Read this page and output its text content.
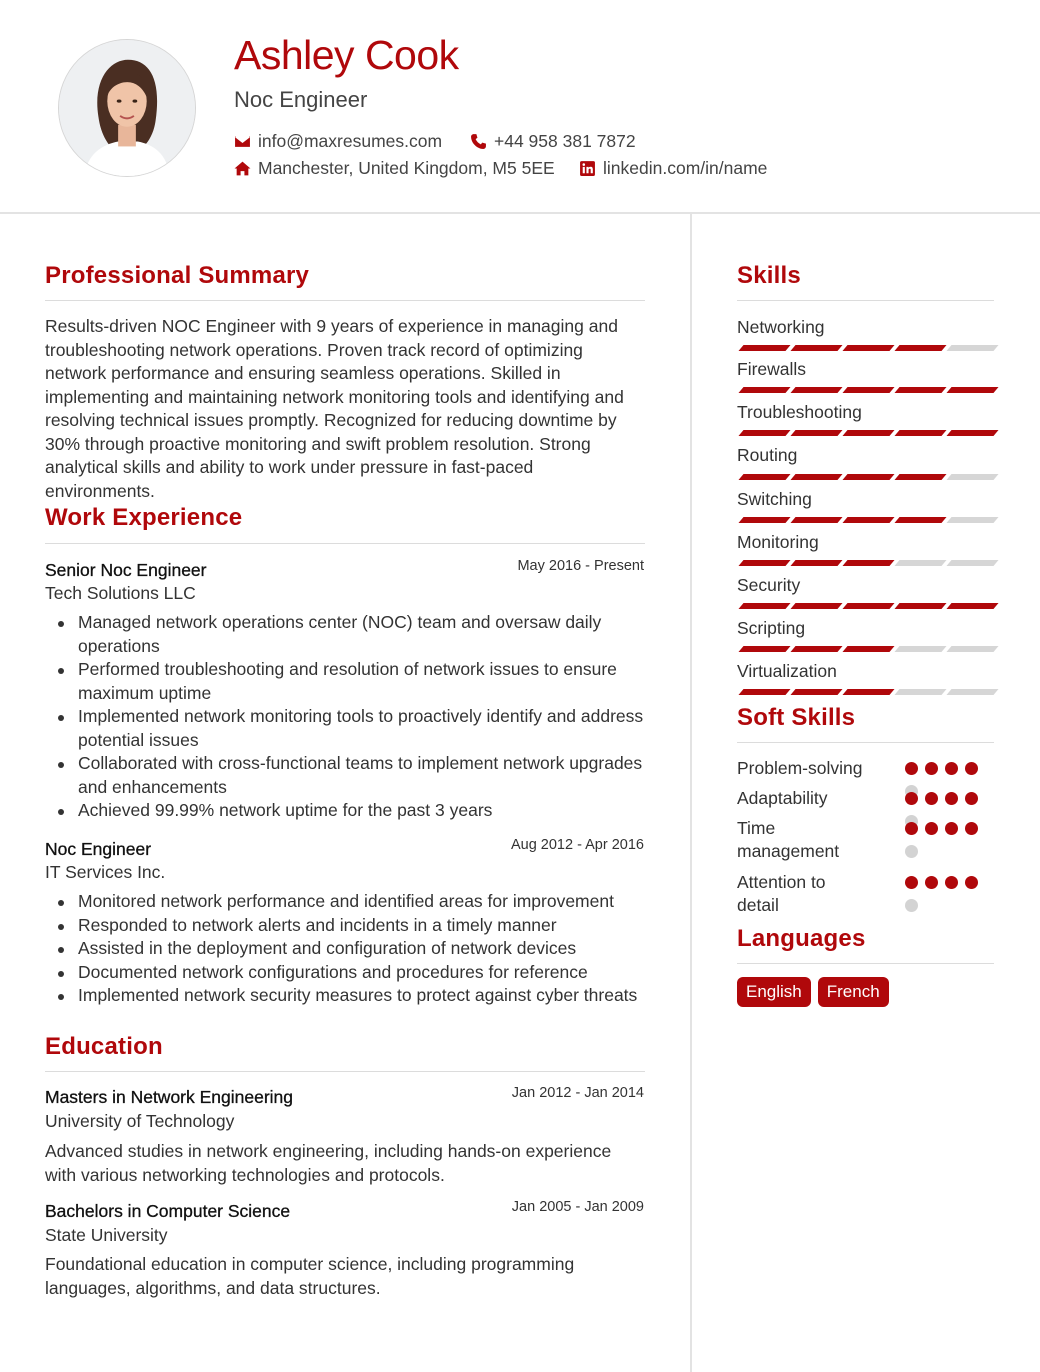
Ashley Cook
Noc Engineer
info@maxresumes.com	+44 958 381 7872
Manchester, United Kingdom, M5 5EE	linkedin.com/in/name
Professional Summary
Results-driven NOC Engineer with 9 years of experience in managing and troubleshooting network operations. Proven track record of optimizing network performance and ensuring seamless operations. Skilled in implementing and maintaining network monitoring tools and identifying and resolving technical issues promptly. Recognized for reducing downtime by 30% through proactive monitoring and swift problem resolution. Strong analytical skills and ability to work under pressure in fast-paced environments.
Work Experience
Senior Noc Engineer	May 2016 - Present
Tech Solutions LLC
Managed network operations center (NOC) team and oversaw daily operations
Performed troubleshooting and resolution of network issues to ensure maximum uptime
Implemented network monitoring tools to proactively identify and address potential issues
Collaborated with cross-functional teams to implement network upgrades and enhancements
Achieved 99.99% network uptime for the past 3 years
Noc Engineer	Aug 2012 - Apr 2016
IT Services Inc.
Monitored network performance and identified areas for improvement
Responded to network alerts and incidents in a timely manner
Assisted in the deployment and configuration of network devices
Documented network configurations and procedures for reference
Implemented network security measures to protect against cyber threats
Education
Masters in Network Engineering	Jan 2012 - Jan 2014
University of Technology
Advanced studies in network engineering, including hands-on experience with various networking technologies and protocols.
Bachelors in Computer Science	Jan 2005 - Jan 2009
State University
Foundational education in computer science, including programming languages, algorithms, and data structures.
Skills
Networking
Firewalls
Troubleshooting
Routing
Switching
Monitoring
Security
Scripting
Virtualization
Soft Skills
Problem-solving
Adaptability
Time management
Attention to detail
Languages
English	French
